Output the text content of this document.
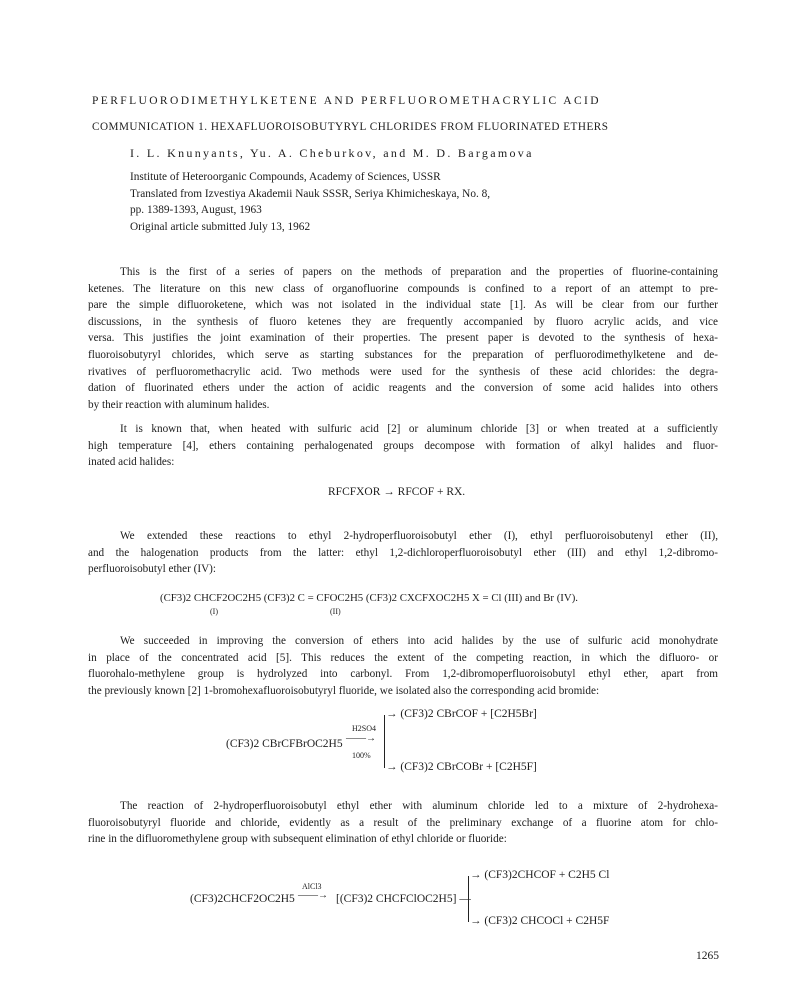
PERFLUORODIMETHYLKETENE AND PERFLUOROMETHACRYLIC ACID
COMMUNICATION 1. HEXAFLUOROISOBUTYRYL CHLORIDES FROM FLUORINATED ETHERS
I. L. Knunyants, Yu. A. Cheburkov, and M. D. Bargamova
Institute of Heteroorganic Compounds, Academy of Sciences, USSR
Translated from Izvestiya Akademii Nauk SSSR, Seriya Khimicheskaya, No. 8,
pp. 1389-1393, August, 1963
Original article submitted July 13, 1962
This is the first of a series of papers on the methods of preparation and the properties of fluorine-containing
ketenes. The literature on this new class of organofluorine compounds is confined to a report of an attempt to pre-
pare the simple difluoroketene, which was not isolated in the individual state [1]. As will be clear from our further
discussions, in the synthesis of fluoro ketenes they are frequently accompanied by fluoro acrylic acids, and vice
versa. This justifies the joint examination of their properties. The present paper is devoted to the synthesis of hexa-
fluoroisobutyryl chlorides, which serve as starting substances for the preparation of perfluorodimethylketene and de-
rivatives of perfluoromethacrylic acid. Two methods were used for the synthesis of these acid chlorides: the degra-
dation of fluorinated ethers under the action of acidic reagents and the conversion of some acid halides into others
by their reaction with aluminum halides.
It is known that, when heated with sulfuric acid [2] or aluminum chloride [3] or when treated at a sufficiently
high temperature [4], ethers containing perhalogenated groups decompose with formation of alkyl halides and fluor-
inated acid halides:
RFCFXOR → RFCOF + RX.
We extended these reactions to ethyl 2-hydroperfluoroisobutyl ether (I), ethyl perfluoroisobutenyl ether (II),
and the halogenation products from the latter: ethyl 1,2-dichloroperfluoroisobutyl ether (III) and ethyl 1,2-dibromo-
perfluoroisobutyl ether (IV):
(CF3)2 CHCF2OC2H5 (CF3)2 C = CFOC2H5 (CF3)2 CXCFXOC2H5 X = Cl (III) and Br (IV).
(I)	(II)
We succeeded in improving the conversion of ethers into acid halides by the use of sulfuric acid monohydrate
in place of the concentrated acid [5]. This reduces the extent of the competing reaction, in which the difluoro- or
fluorohalo-methylene group is hydrolyzed into carbonyl. From 1,2-dibromoperfluoroisobutyl ethyl ether, apart from
the previously known [2] 1-bromohexafluoroisobutyryl fluoride, we isolated also the corresponding acid bromide:
(CF3)2 CBrCFBrOC2H5
H2SO4
——→
100%
→ (CF3)2 CBrCOF + [C2H5Br]
→ (CF3)2 CBrCOBr + [C2H5F]
The reaction of 2-hydroperfluoroisobutyl ethyl ether with aluminum chloride led to a mixture of 2-hydrohexa-
fluoroisobutyryl fluoride and chloride, evidently as a result of the preliminary exchange of a fluorine atom for chlo-
rine in the difluoromethylene group with subsequent elimination of ethyl chloride or fluoride:
(CF3)2CHCF2OC2H5
AlCl3
——→ [(CF3)2 CHCFClOC2H5] —
→ (CF3)2CHCOF + C2H5 Cl
→ (CF3)2 CHCOCl + C2H5F
1265
